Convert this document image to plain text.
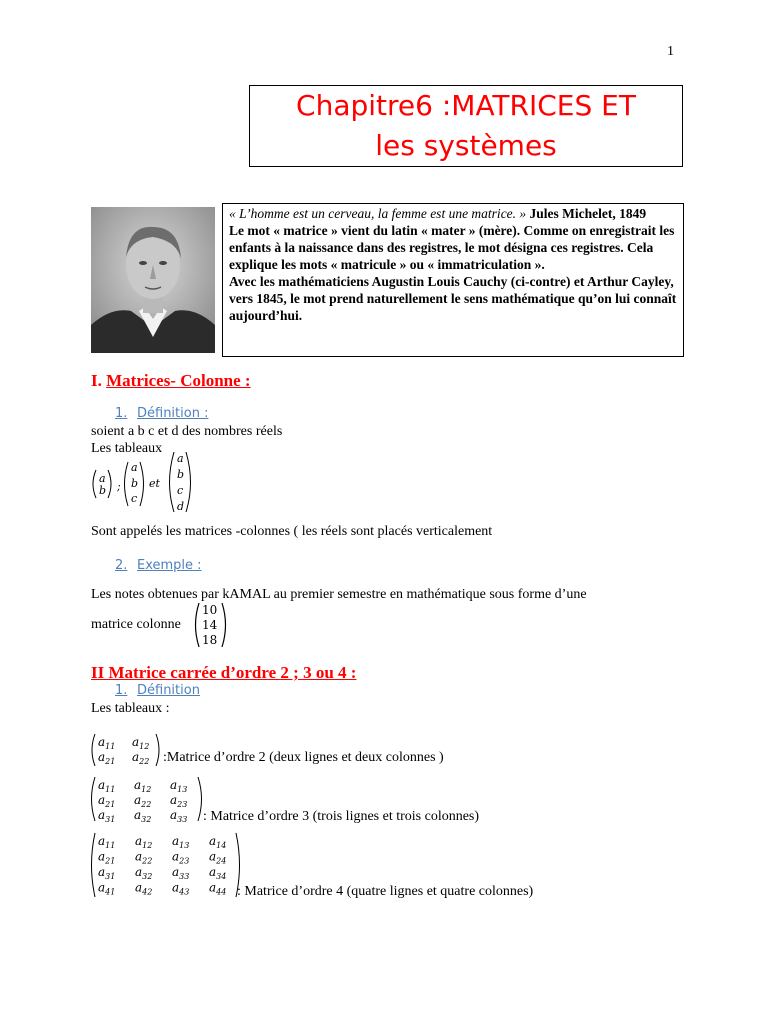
1
Chapitre6 :MATRICES ET
les systèmes

« L’homme est un cerveau, la femme est une matrice. » Jules Michelet, 1849

Le mot « matrice » vient du latin « mater » (mère). Comme on enregistrait les enfants à la naissance dans des registres, le mot désigna ces registres. Cela explique les mots « matricule » ou « immatriculation ».

Avec les mathématiciens Augustin Louis Cauchy (ci-contre) et Arthur Cayley, vers 1845, le mot prend naturellement le sens mathématique qu’on lui connaît aujourd’hui.

I. Matrices- Colonne :
1. Définition :
soient a b c et d des nombres réels
Les tableaux
a
b ;
a
b
c
et
a
b
c
d
Sont appelés les matrices -colonnes ( les réels sont placés verticalement
2. Exemple :
Les notes obtenues par kAMAL au premier semestre en mathématique sous forme d’une
matrice colonne
10
14
18
II Matrice carrée d’ordre 2 ; 3 ou 4 :
1. Définition
Les tableaux :
$a_{11}$ $a_{12}$
$a_{21}$ $a_{22}$ :Matrice d’ordre 2 (deux lignes et deux colonnes )
$a_{11}$ $a_{12}$ $a_{13}$
$a_{21}$ $a_{22}$ $a_{23}$
$a_{31}$ $a_{32}$ $a_{33}$ : Matrice d’ordre 3 (trois lignes et trois colonnes)
$a_{11}$ $a_{12}$ $a_{13}$ $a_{14}$
$a_{21}$ $a_{22}$ $a_{23}$ $a_{24}$
$a_{31}$ $a_{32}$ $a_{33}$ $a_{34}$
$a_{41}$ $a_{42}$ $a_{43}$ $a_{44}$ : Matrice d’ordre 4 (quatre lignes et quatre colonnes)
